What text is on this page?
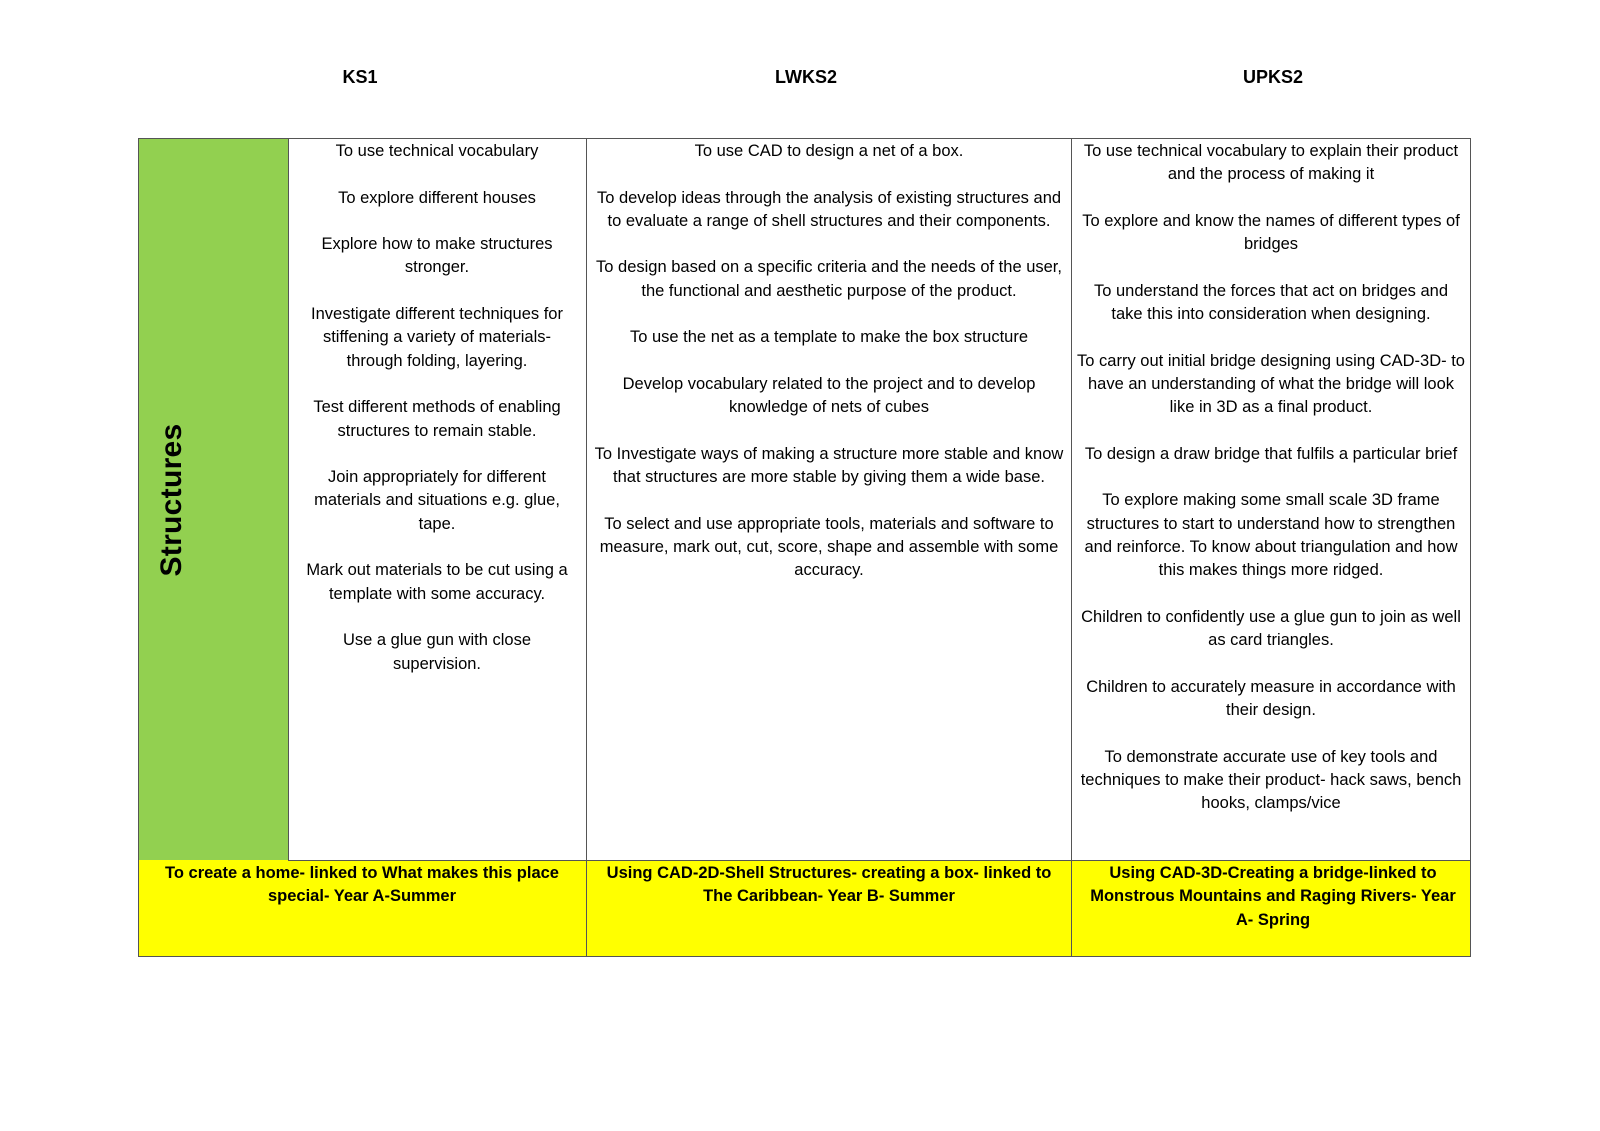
KS1	LWKS2	UPKS2
Structures

To use technical vocabulary

To explore different houses

Explore how to make structures stronger.

Investigate different techniques for stiffening a variety of materials- through folding, layering.

Test different methods of enabling structures to remain stable.

Join appropriately for different materials and situations e.g. glue, tape.

Mark out materials to be cut using a template with some accuracy.

Use a glue gun with close supervision.

To use CAD to design a net of a box.

To develop ideas through the analysis of existing structures and to evaluate a range of shell structures and their components.

To design based on a specific criteria and the needs of the user, the functional and aesthetic purpose of the product.

To use the net as a template to make the box structure

Develop vocabulary related to the project and to develop knowledge of nets of cubes

To Investigate ways of making a structure more stable and know that structures are more stable by giving them a wide base.

To select and use appropriate tools, materials and software to measure, mark out, cut, score, shape and assemble with some accuracy.

To use technical vocabulary to explain their product and the process of making it

To explore and know the names of different types of bridges

To understand the forces that act on bridges and take this into consideration when designing.

To carry out initial bridge designing using CAD-3D- to have an understanding of what the bridge will look like in 3D as a final product.

To design a draw bridge that fulfils a particular brief

To explore making some small scale 3D frame structures to start to understand how to strengthen and reinforce. To know about triangulation and how this makes things more ridged.

Children to confidently use a glue gun to join as well as card triangles.

Children to accurately measure in accordance with their design.

To demonstrate accurate use of key tools and techniques to make their product- hack saws, bench hooks, clamps/vice

To create a home- linked to What makes this place special- Year A-Summer
Using CAD-2D-Shell Structures- creating a box- linked to The Caribbean- Year B- Summer
Using CAD-3D-Creating a bridge-linked to Monstrous Mountains and Raging Rivers- Year A- Spring
